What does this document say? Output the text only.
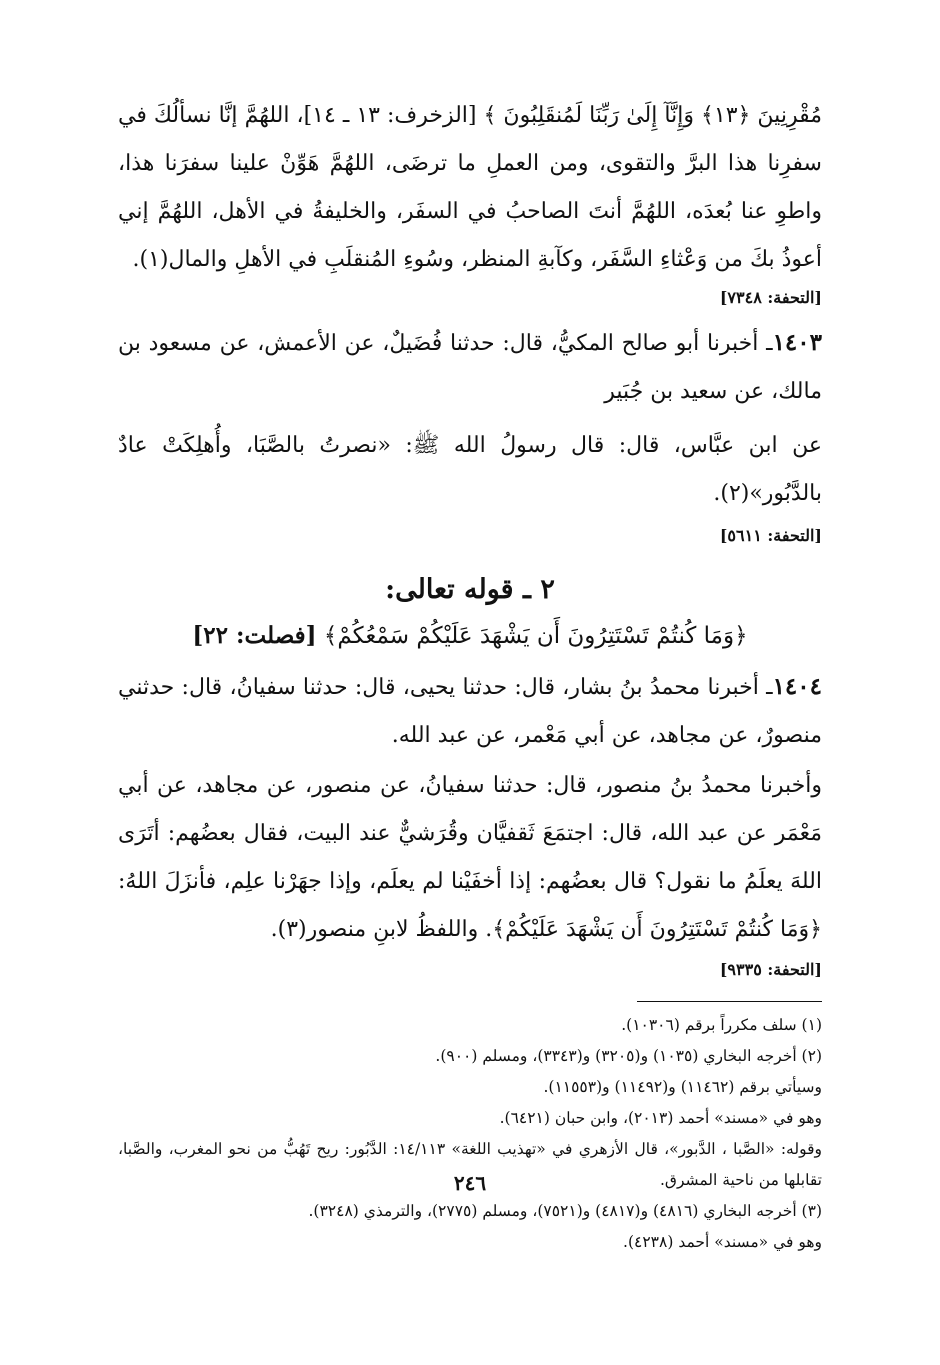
مُقْرِنِينَ ﴿١٣﴾ وَإِنَّآ إِلَىٰ رَبِّنَا لَمُنقَلِبُونَ ﴾ [الزخرف: ١٣ ـ ١٤]، اللهُمَّ إنَّا نسألُكَ في سفرِنا هذا البرَّ والتقوى، ومن العملِ ما ترضَى، اللهُمَّ هَوِّنْ علينا سفرَنا هذا، واطوِ عنا بُعدَه، اللهُمَّ أنتَ الصاحبُ في السفَر، والخليفةُ في الأهل، اللهُمَّ إني أعوذُ بكَ من وَعْثاءِ السَّفَر، وكآبةِ المنظر، وسُوءِ المُنقلَبِ في الأهلِ والمال(١).

[التحفة: ٧٣٤٨]

١٤٠٣ـ أخبرنا أبو صالح المكيُّ، قال: حدثنا فُضَيلٌ، عن الأعمش، عن مسعود بن مالك، عن سعيد بن جُبَير

عن ابن عبَّاس، قال: قال رسولُ الله ﷺ: «نصرتُ بالصَّبَا، وأُهلِكَتْ عادٌ بالدَّبُور»(٢).

[التحفة: ٥٦١١]

٢ ـ قوله تعالى:

﴿وَمَا كُنتُمْ تَسْتَتِرُونَ أَن يَشْهَدَ عَلَيْكُمْ سَمْعُكُمْ﴾ [فصلت: ٢٢]

١٤٠٤ـ أخبرنا محمدُ بنُ بشار، قال: حدثنا يحيى، قال: حدثنا سفيانُ، قال: حدثني منصورٌ، عن مجاهد، عن أبي مَعْمر، عن عبد الله.

وأخبرنا محمدُ بنُ منصور، قال: حدثنا سفيانُ، عن منصور، عن مجاهد، عن أبي مَعْمَر عن عبد الله، قال: اجتمَعَ ثَقفيَّان وقُرَشيٌّ عند البيت، فقال بعضُهم: أتَرَى اللهَ يعلَمُ ما نقول؟ قال بعضُهم: إذا أخفَيْنا لم يعلَم، وإذا جهَرْنا علِم، فأنزَلَ اللهُ: ﴿وَمَا كُنتُمْ تَسْتَتِرُونَ أَن يَشْهَدَ عَلَيْكُمْ﴾. واللفظُ لابنِ منصور(٣).

[التحفة: ٩٣٣٥]

(١) سلف مكرراً برقم (١٠٣٠٦).

(٢) أخرجه البخاري (١٠٣٥) و(٣٢٠٥) و(٣٣٤٣)، ومسلم (٩٠٠).

وسيأتي برقم (١١٤٦٢) و(١١٤٩٢) و(١١٥٥٣).

وهو في «مسند» أحمد (٢٠١٣)، وابن حبان (٦٤٢١).

وقوله: «الصَّبا ، الدَّبور»، قال الأزهري في «تهذيب اللغة» ١٤/١١٣: الدَّبُور: ريح تَهُبُّ من نحو المغرب، والصَّبا، تقابلها من ناحية المشرق.

(٣) أخرجه البخاري (٤٨١٦) و(٤٨١٧) و(٧٥٢١)، ومسلم (٢٧٧٥)، والترمذي (٣٢٤٨).

وهو في «مسند» أحمد (٤٢٣٨).

٢٤٦
